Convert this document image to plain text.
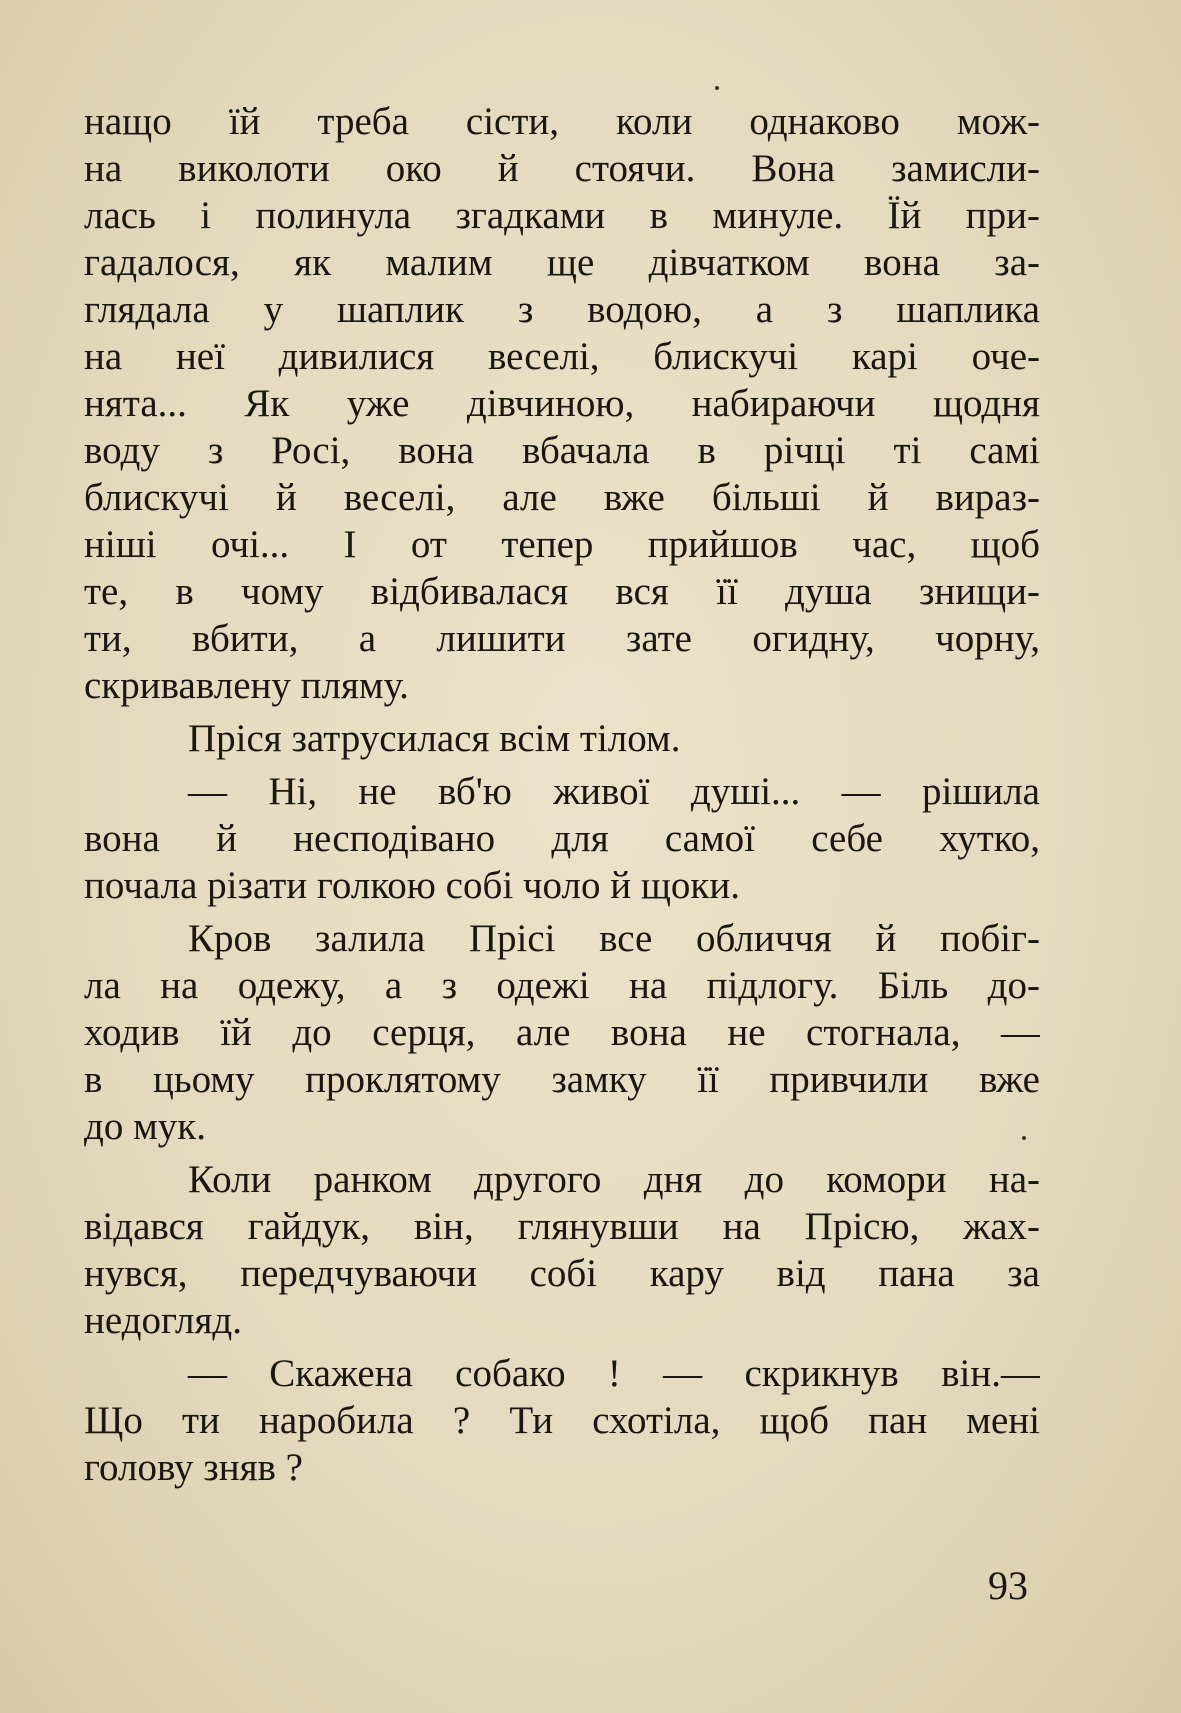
нащо їй треба сісти, коли однаково мож-
на виколоти око й стоячи. Вона замисли-
лась і полинула згадками в минуле. Їй при-
гадалося, як малим ще дівчатком вона за-
глядала у шаплик з водою, а з шаплика
на неї дивилися веселі, блискучі карі оче-
нята... Як уже дівчиною, набираючи щодня
воду з Росі, вона вбачала в річці ті самі
блискучі й веселі, але вже більші й вираз-
ніші очі... І от тепер прийшов час, щоб
те, в чому відбивалася вся її душа знищи-
ти, вбити, а лишити зате огидну, чорну,
скривавлену пляму.
Пріся затрусилася всім тілом.
— Ні, не вб'ю живої душі... — рішила
вона й несподівано для самої себе хутко,
почала різати голкою собі чоло й щоки.
Кров залила Прісі все обличчя й побіг-
ла на одежу, а з одежі на підлогу. Біль до-
ходив їй до серця, але вона не стогнала, —
в цьому проклятому замку її привчили вже
до мук.
Коли ранком другого дня до комори на-
відався гайдук, він, глянувши на Прісю, жах-
нувся, передчуваючи собі кару від пана за
недогляд.
— Скажена собако ! — скрикнув він.—
Що ти наробила ? Ти схотіла, щоб пан мені
голову зняв ?
93
